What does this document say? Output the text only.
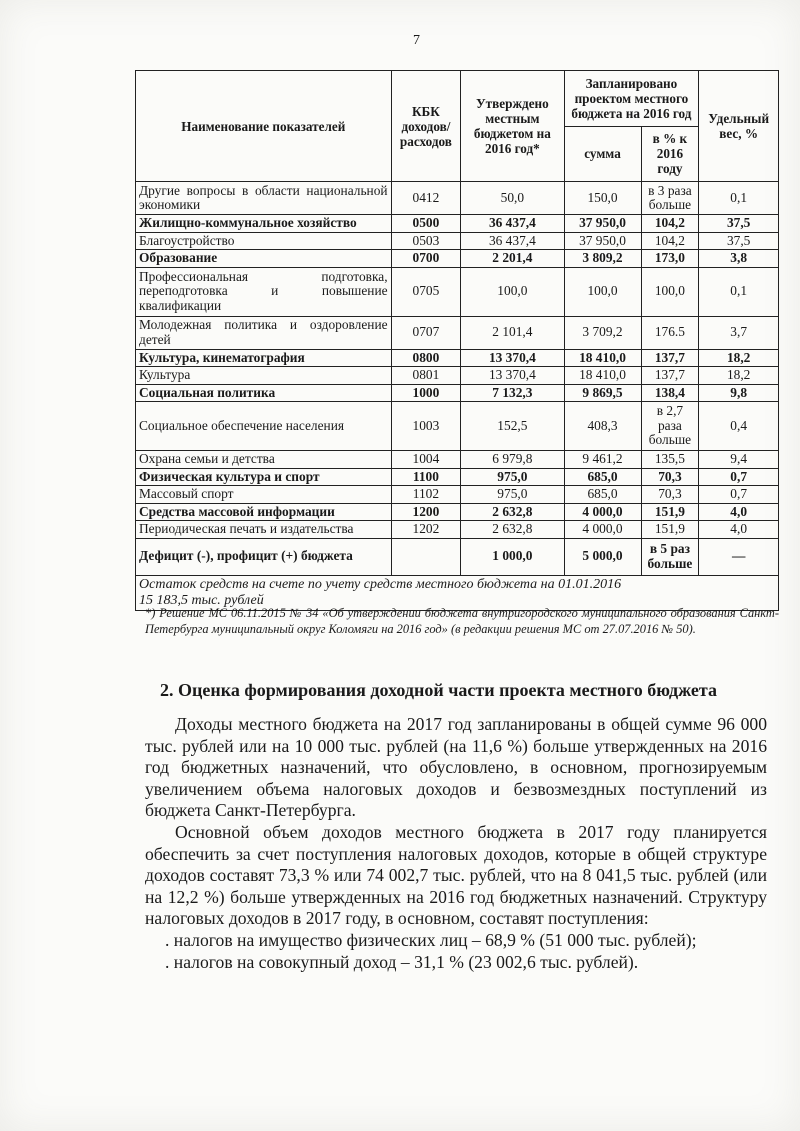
7
Наименование показателей	КБК доходов/ расходов	Утверждено местным бюджетом на 2016 год*	Запланировано проектом местного бюджета на 2016 год		Удельный вес, %
			сумма	в % к 2016 году	
Другие вопросы в области национальной экономики	0412	50,0	150,0	в 3 раза больше	0,1
Жилищно-коммунальное хозяйство	0500	36 437,4	37 950,0	104,2	37,5
Благоустройство	0503	36 437,4	37 950,0	104,2	37,5
Образование	0700	2 201,4	3 809,2	173,0	3,8
Профессиональная подготовка, переподготовка и повышение квалификации	0705	100,0	100,0	100,0	0,1
Молодежная политика и оздоровление детей	0707	2 101,4	3 709,2	176.5	3,7
Культура, кинематография	0800	13 370,4	18 410,0	137,7	18,2
Культура	0801	13 370,4	18 410,0	137,7	18,2
Социальная политика	1000	7 132,3	9 869,5	138,4	9,8
Социальное обеспечение населения	1003	152,5	408,3	в 2,7 раза больше	0,4
Охрана семьи и детства	1004	6 979,8	9 461,2	135,5	9,4
Физическая культура и спорт	1100	975,0	685,0	70,3	0,7
Массовый спорт	1102	975,0	685,0	70,3	0,7
Средства массовой информации	1200	2 632,8	4 000,0	151,9	4,0
Периодическая печать и издательства	1202	2 632,8	4 000,0	151,9	4,0
Дефицит (-), профицит (+) бюджета		1 000,0	5 000,0	в 5 раз больше	—

Остаток средств на счете по учету средств местного бюджета на 01.01.2016
15 183,5 тыс. рублей					
*) Решение МС 06.11.2015 № 34 «Об утверждении бюджета внутригородского муниципального образования Санкт-Петербурга муниципальный округ Коломяги на 2016 год» (в редакции решения МС от 27.07.2016 № 50).
2. Оценка формирования доходной части проекта местного бюджета

Доходы местного бюджета на 2017 год запланированы в общей сумме 96 000 тыс. рублей или на 10 000 тыс. рублей (на 11,6 %) больше утвержденных на 2016 год бюджетных назначений, что обусловлено, в основном, прогнозируемым увеличением объема налоговых доходов и безвозмездных поступлений из бюджета Санкт-Петербурга.

Основной объем доходов местного бюджета в 2017 году планируется обеспечить за счет поступления налоговых доходов, которые в общей структуре доходов составят 73,3 % или 74 002,7 тыс. рублей, что на 8 041,5 тыс. рублей (или на 12,2 %) больше утвержденных на 2016 год бюджетных назначений. Структуру налоговых доходов в 2017 году, в основном, составят поступления:

. налогов на имущество физических лиц – 68,9 % (51 000 тыс. рублей);

. налогов на совокупный доход – 31,1 % (23 002,6 тыс. рублей).
